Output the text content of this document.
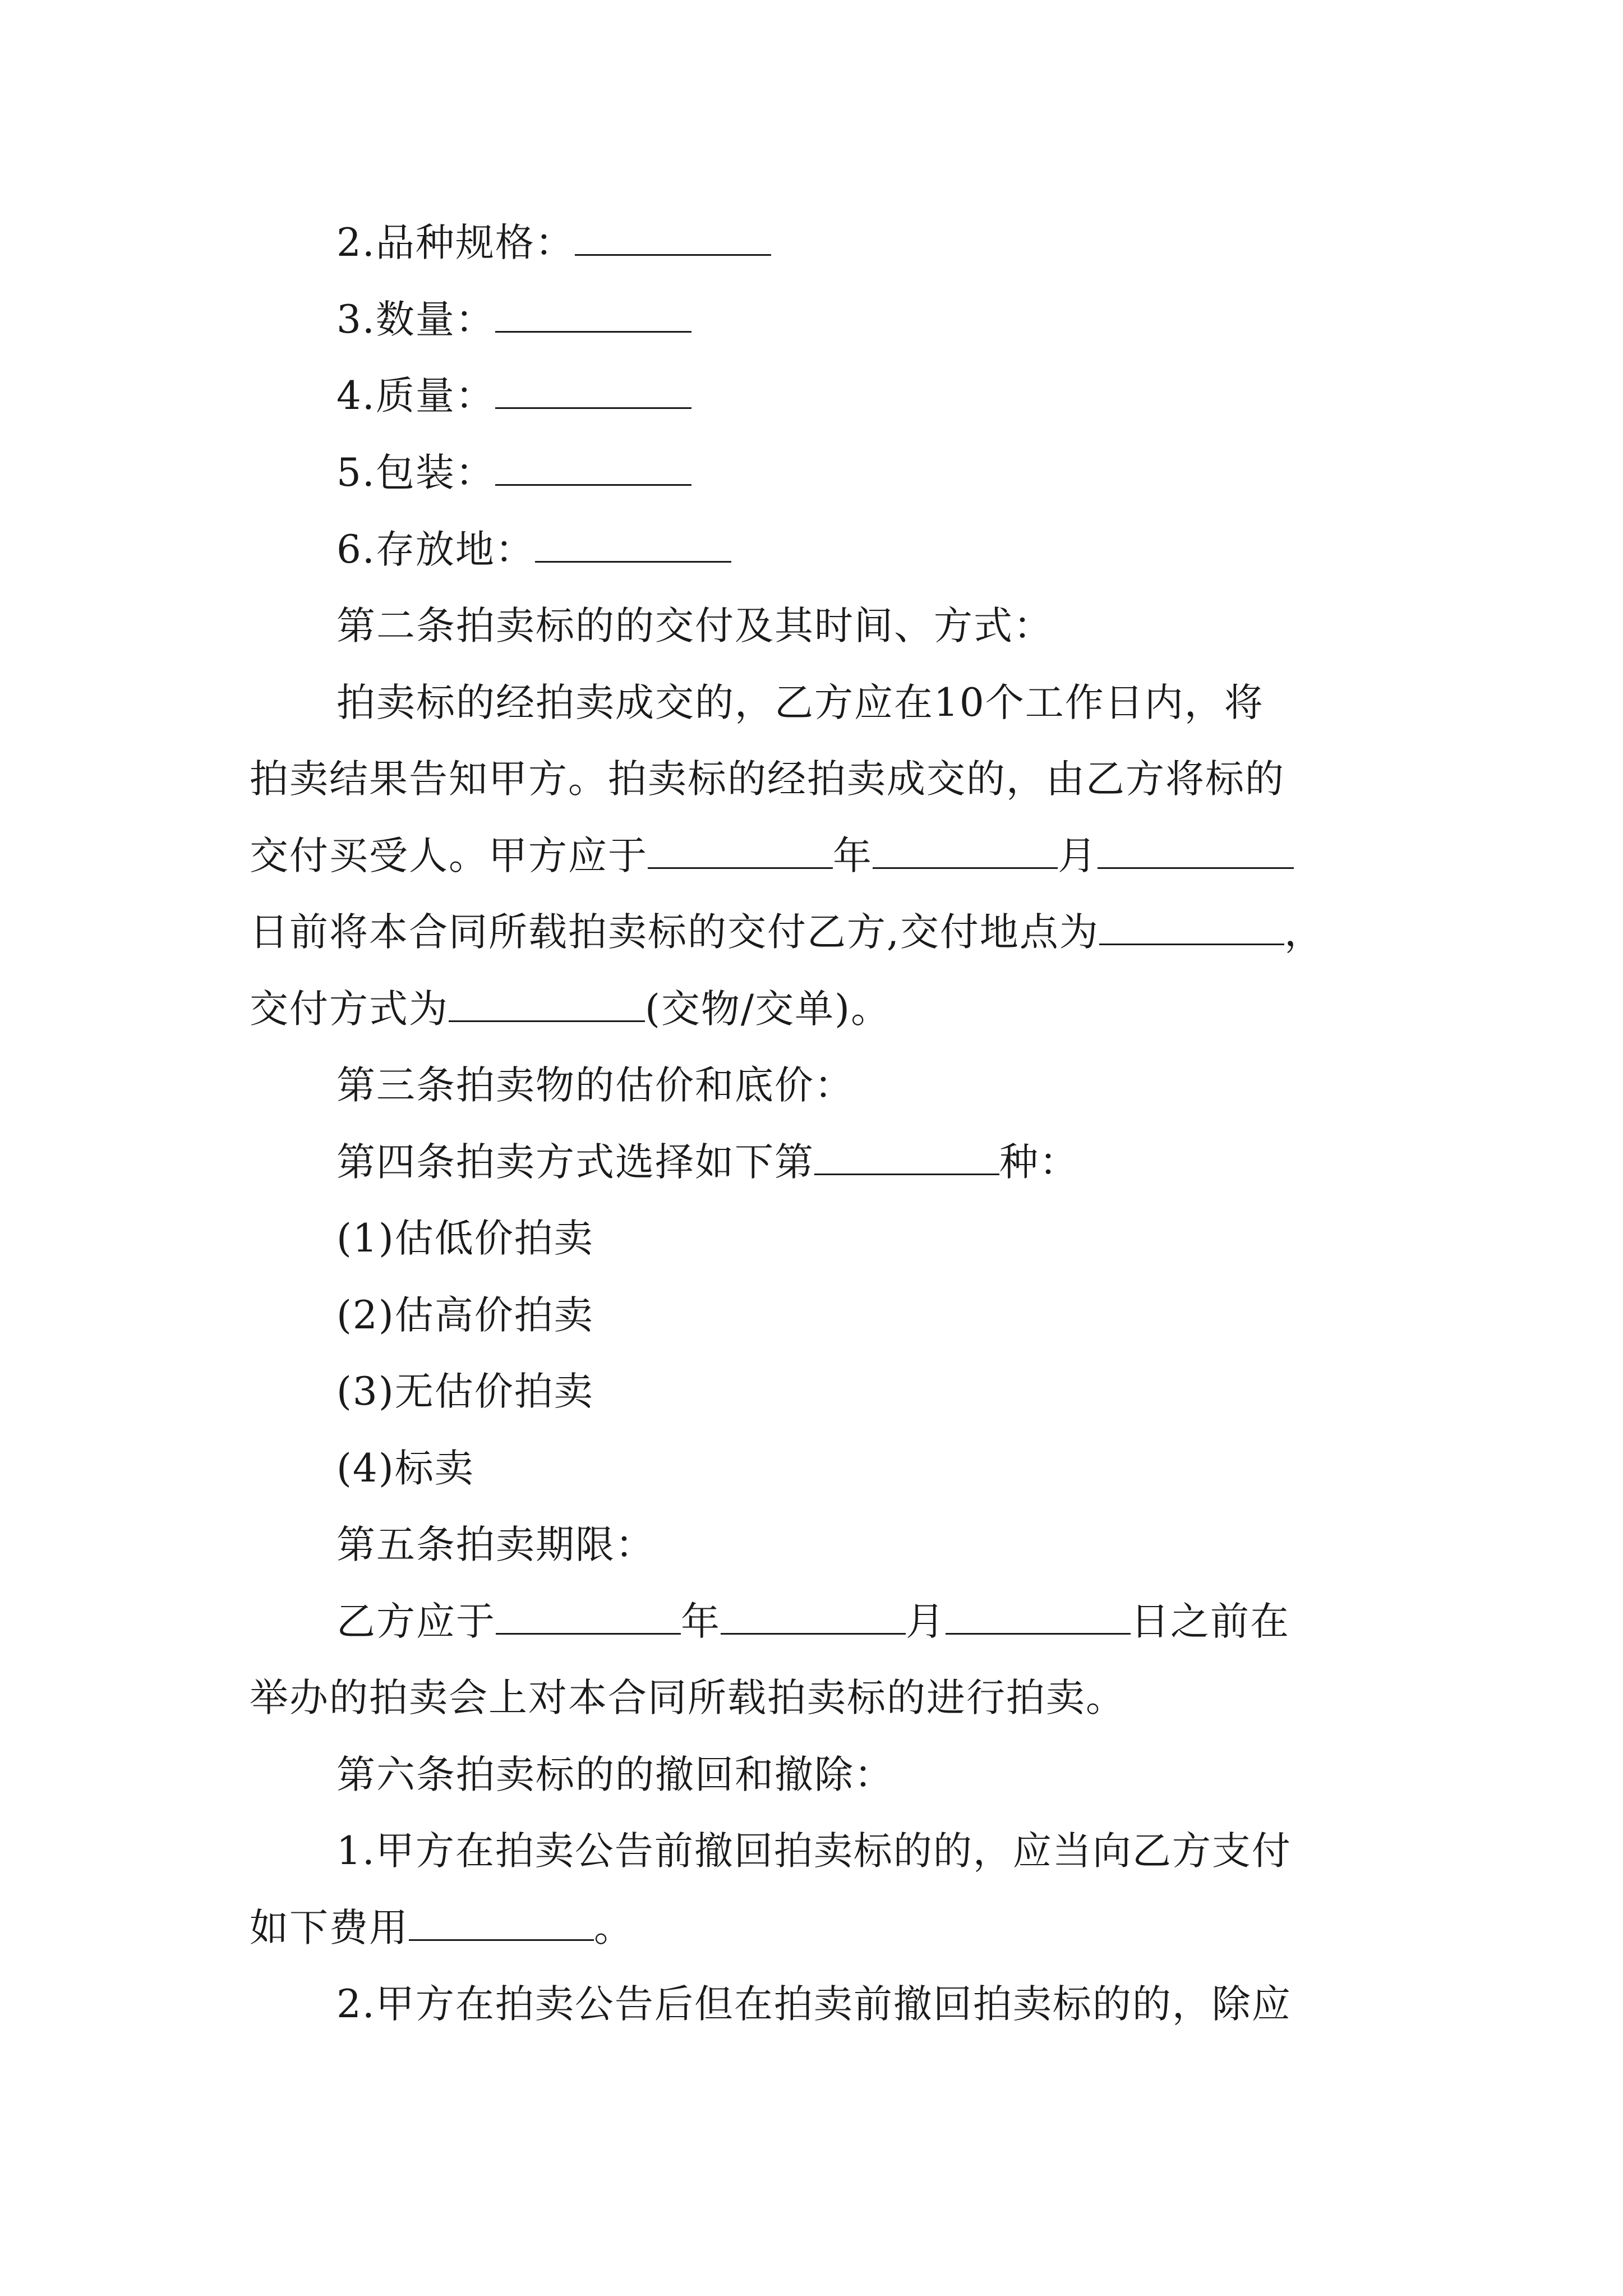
2.品种规格：
3.数量：
4.质量：
5.包装：
6.存放地：
第二条拍卖标的的交付及其时间、方式：
拍卖标的经拍卖成交的，乙方应在10个工作日内，将
拍卖结果告知甲方。拍卖标的经拍卖成交的，由乙方将标的
交付买受人。甲方应于	年	月
日前将本合同所载拍卖标的交付乙方,交付地点为	，
交付方式为	(交物/交单)。
第三条拍卖物的估价和底价：
第四条拍卖方式选择如下第	种：
(1)估低价拍卖
(2)估高价拍卖
(3)无估价拍卖
(4)标卖
第五条拍卖期限：
乙方应于	年	月	日之前在
举办的拍卖会上对本合同所载拍卖标的进行拍卖。
第六条拍卖标的的撤回和撤除：
1.甲方在拍卖公告前撤回拍卖标的的，应当向乙方支付
如下费用	。
2.甲方在拍卖公告后但在拍卖前撤回拍卖标的的，除应
